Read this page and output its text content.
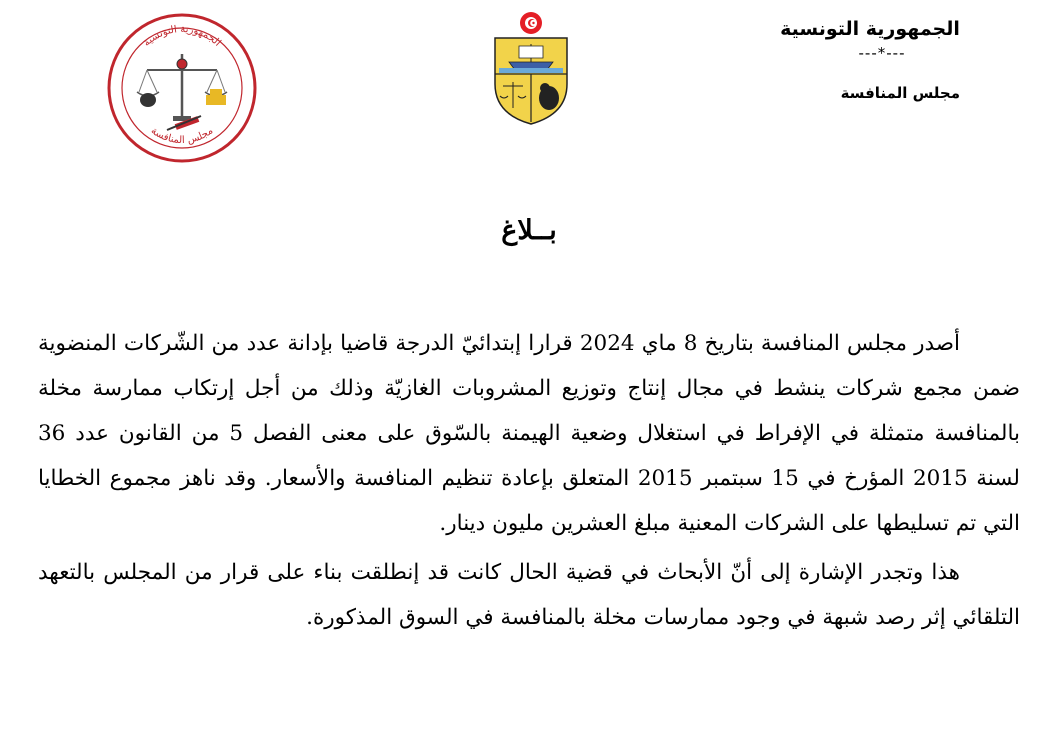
الجمهورية التونسية
مجلس المنافسة
الجمهورية التونسية
---*---
مجلس المنافسة
بــلاغ

أصدر مجلس المنافسة بتاريخ 8 ماي 2024 قرارا إبتدائيّ الدرجة قاضيا بإدانة عدد من الشّركات المنضوية ضمن مجمع شركات ينشط في مجال إنتاج وتوزيع المشروبات الغازيّة وذلك من أجل إرتكاب ممارسة مخلة بالمنافسة متمثلة في الإفراط في استغلال وضعية الهيمنة بالسّوق على معنى الفصل 5 من القانون عدد 36 لسنة 2015 المؤرخ في 15 سبتمبر 2015 المتعلق بإعادة تنظيم المنافسة والأسعار. وقد ناهز مجموع الخطايا التي تم تسليطها على الشركات المعنية مبلغ العشرين مليون دينار.

هذا وتجدر الإشارة إلى أنّ الأبحاث في قضية الحال كانت قد إنطلقت بناء على قرار من المجلس بالتعهد التلقائي إثر رصد شبهة في وجود ممارسات مخلة بالمنافسة في السوق المذكورة.
